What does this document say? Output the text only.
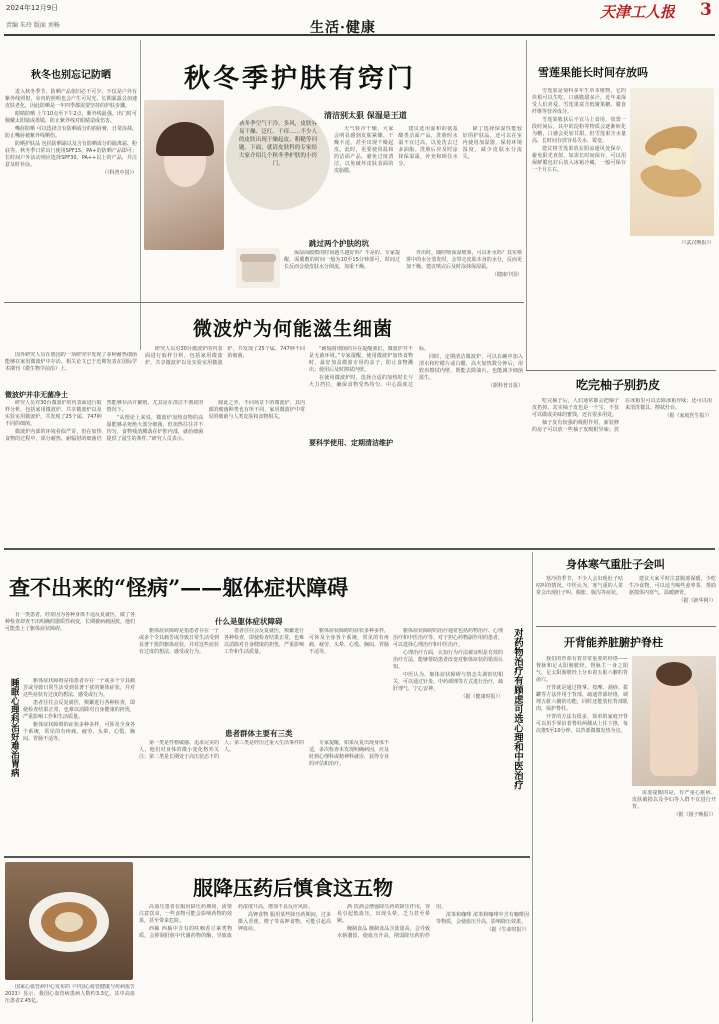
2024年12月9日
责编 朱玲 版面 刘畅	生活·健康
天津工人报 3
秋冬也别忘记防晒

进入秋冬季节，防晒产品依旧必不可少。不仅是户外有紫外线照射，室内的照明也会产生可见光，长期暴露会加速皮肤老化，因此防晒是一年四季都需要坚持的护肤步骤。

眼睛防晒 上午10点至下午2点，紫外线最强。出门时可佩戴太阳镜或墨镜，防止紫外线对眼睛造成伤害。

嘴唇防晒 可以选择含有防晒成分的润唇膏，日常涂抹，防止嘴唇被紫外线晒伤。

防晒护肤品 包括防晒霜以及含有防晒成分的隔离霜、粉底等。秋冬季日常出门使用SPF15、PA+的防晒产品即可；长时间户外活动则应选择SPF30、PA++以上的产品，并注意及时补涂。

（《科普中国》）

秋冬季护肤有窍门
秋冬季空气干冷、多风，皮肤容易干燥、泛红、干痒……不少人的皮肤出现干燥起皮、粗糙等问题。下面，就请皮肤科的专家给大家介绍几个秋冬季护肤的小窍门。
清洁别太狠 保湿是王道

天气转冷干燥，大家会明显感到皮肤紧绷、干燥不适，甚至出现干燥起皮。此时，更要使用温和的洁面产品，避免过度清洁，以免破坏皮肤表面的皮脂膜。

建议选用温和的氨基酸类洁面产品，洗脸时水温不宜过高，以免洗去过多油脂。洗脸后应及时涂抹保湿霜，补充和锁住水分。

除了选择保湿性能较好的护肤品，还可以在室内使用加湿器，保持环境湿度，减少皮肤水分流失。

跳过两个护肤的坑

保湿面膜敷的时间越久越好吗？不是的。专家提醒，面膜敷的时间一般为10至15分钟即可，时间过长反而会使皮肤水分倒流，加重干燥。

外出时，随时喷保湿喷雾，可以补水吗？其实喷雾中的水分蒸发时，会带走皮肤本身的水分，反而更加干燥。建议喷完后及时涂抹保湿霜。

（健康中国）

雪莲果能长时间存放吗

雪莲果是菊科多年生草本植物，它的块根可以生吃，口感脆甜多汁，近年来深受人们喜爱。雪莲果富含低聚果糖、膳食纤维等营养成分。

雪莲果收获后不宜马上食用，放置一段时间后，其中的淀粉等物质会逐渐转化为糖，口感会更加甘甜。但雪莲果含水量高，长时间存放容易失水、霉变。

建议将雪莲果放在阴凉通风处保存，避免阳光直射，如需长时间保存，可以用保鲜膜包好后放入冰箱冷藏，一般可保存一个月左右。

（《武汉晚报》）

吃完柚子别扔皮

吃完柚子后，人们通常都会把柚子皮扔掉。其实柚子皮也是一个宝，不仅可以做成美味的蜜饯，还有很多用处。

柚子皮有较强的吸附作用，新装修的房子可以放一些柚子皮吸附异味；放在冰箱里可以去除冰箱异味；还可以用来清洗餐具、擦拭灶台。

（据《家庭医生报》）

国外研究人员在德国的一项研究中发现了多种耐热细菌能够在家用微波炉中存活。相关论文已于近期发表在国际学术期刊《微生物学前沿》上。

微波炉为何能滋生细菌
微波炉并非无菌净土

研究人员对30台微波炉的内表面进行取样分析，包括家用微波炉、共享微波炉以及实验室用微波炉，共发现了25个属、747种不同的细菌。

微波炉内部的环境看似严苛，但在加热食物的过程中，部分耐热、耐辐射的细菌仍然能够存活并繁殖，尤其是在清洁不彻底的情况下。

“从理论上来说，微波炉加热食物的高温能够杀死绝大部分细菌，但加热往往并不均匀，食物残渣溅落在炉腔内部，就给细菌提供了滋生的条件。”研究人员表示。

除此之外，不同场景下的微波炉，其内部的细菌种类也有所不同，家用微波炉中常见的细菌与人类皮肤和食物相关。

研究人员对30台微波炉的内表面进行取样分析，包括家用微波炉、共享微波炉以及实验室用微波炉，共发现了25个属、747种不同的细菌。

要科学使用、定期清洁维护

“耐辐射细菌的存在提醒我们，微波炉并不是无菌环境。”专家提醒，使用微波炉加热食物时，最好加盖微波专用的盖子，防止食物溅出；使用后及时擦拭内壁。

在使用微波炉时，选择合适的加热时长与火力挡位，确保食物受热均匀、中心温度达标。

同时，定期清洁微波炉，可以在碗中加入清水和柠檬片或白醋，高火加热数分钟后，用软布擦拭内壁，既能去除油污，也能减少细菌滋生。

（据科普日报）

查不出来的“怪病”——躯体症状障碍

有一类患者，经常因为各种身体不适反复就医，做了各种检查却查不出明确的器质性病变，长期被病痛困扰，他们可能患上了躯体症状障碍。

睡眠心理科治好难治胃病	躯体症状障碍是指患者存在一个或多个令其痛苦或导致日常生活受到显著干扰的躯体症状，并对这些症状有过度的想法、感受或行为。

患者往往会反复就医，频繁进行各种检查，即使检查结果正常，也难以消除对自身健康的担忧，严重影响工作和生活质量。

躯体症状障碍的症状多种多样，可涉及全身各个系统，常见的有疼痛、疲劳、头晕、心慌、胸闷、胃肠不适等。

什么是躯体症状障碍

躯体症状障碍是指患者存在一个或多个令其痛苦或导致日常生活受到显著干扰的躯体症状，并对这些症状有过度的想法、感受或行为。

患者往往会反复就医，频繁进行各种检查，即使检查结果正常，也难以消除对自身健康的担忧，严重影响工作和生活质量。

躯体症状障碍的症状多种多样，可涉及全身各个系统，常见的有疼痛、疲劳、头晕、心慌、胸闷、胃肠不适等。

患者群体主要有三类

第一类是性格敏感、追求完美的人，他们对身体的微小变化格外关注；第二类是长期处于高压状态下的人；第三类是经历过重大生活事件的人。

专家提醒，如果反复出现身体不适，多次检查未发现明确病因，应及时到心理科或精神科就诊，获得专业的评估和治疗。	对药物治疗有顾虑可选心理和中医治疗

躯体症状障碍的治疗通常包括药物治疗、心理治疗和中医治疗等。对于担心药物副作用的患者，可以选择心理治疗和中医治疗。

心理治疗方面，认知行为疗法被证明是有效的治疗方法，能够帮助患者改变对躯体症状的错误认知。

中医认为，躯体症状障碍与情志失调密切相关，可以通过针灸、中药调理等方式进行治疗，疏肝理气、宁心安神。

（据《健康时报》）

身体寒气重肚子会叫

寒冷的季节，不少人会出现肚子咕咕叫的情况。中医认为，寒气重的人常常会出现肚子叫、腹胀、腹泻等症状。

建议大家平时注意腹部保暖，少吃生冷食物，可以适当喝些姜枣茶，帮助驱散体内寒气，温暖脾胃。

（据《新华网》）

开背能养脏腑护脊柱

我们的背部有着非常重要的经络——督脉和足太阳膀胱经。督脉主一身之阳气，足太阳膀胱经上分布着五脏六腑的背俞穴。

开背就是通过推拿、按摩、刮痧、拔罐等方法作用于背部，疏通背部经络，调理五脏六腑的功能，同时还能放松背部肌肉，保护脊柱。

开背的方法有很多，简单的家庭开背可以用手掌沿着脊柱两侧从上往下推，每次推5至10分钟，以背部微微发热为宜。

需要提醒的是，有严重心脏病、皮肤破损以及孕妇等人群不宜进行开背。

（据《扬子晚报》）

国家心血管病中心发布的《中国心血管健康与疾病报告2023》显示，我国心血管病患病人数约3.3亿，其中高血压患者2.45亿。

服降压药后慎食这五物

高血压患者在服用降压药期间，需要注意饮食，一些食物可能会影响药物的效果，甚至带来危险。

西柚 西柚中含有的呋喃香豆素类物质，会抑制肝脏中代谢药物的酶，导致血药浓度升高，增加不良反应风险。

高钾食物 服用某些降压药期间，过多摄入香蕉、橙子等高钾食物，可能引起高钾血症。

酒 饮酒会增强降压药的降压作用，容易引起低血压，出现头晕、乏力甚至晕厥。

腌制食品 腌制食品含盐量高，会导致水钠潴留，使血压升高，削弱降压药的作用。

浓茶和咖啡 浓茶和咖啡中含有咖啡因等物质，会使血压升高，影响降压效果。

（据《生命时报》）
